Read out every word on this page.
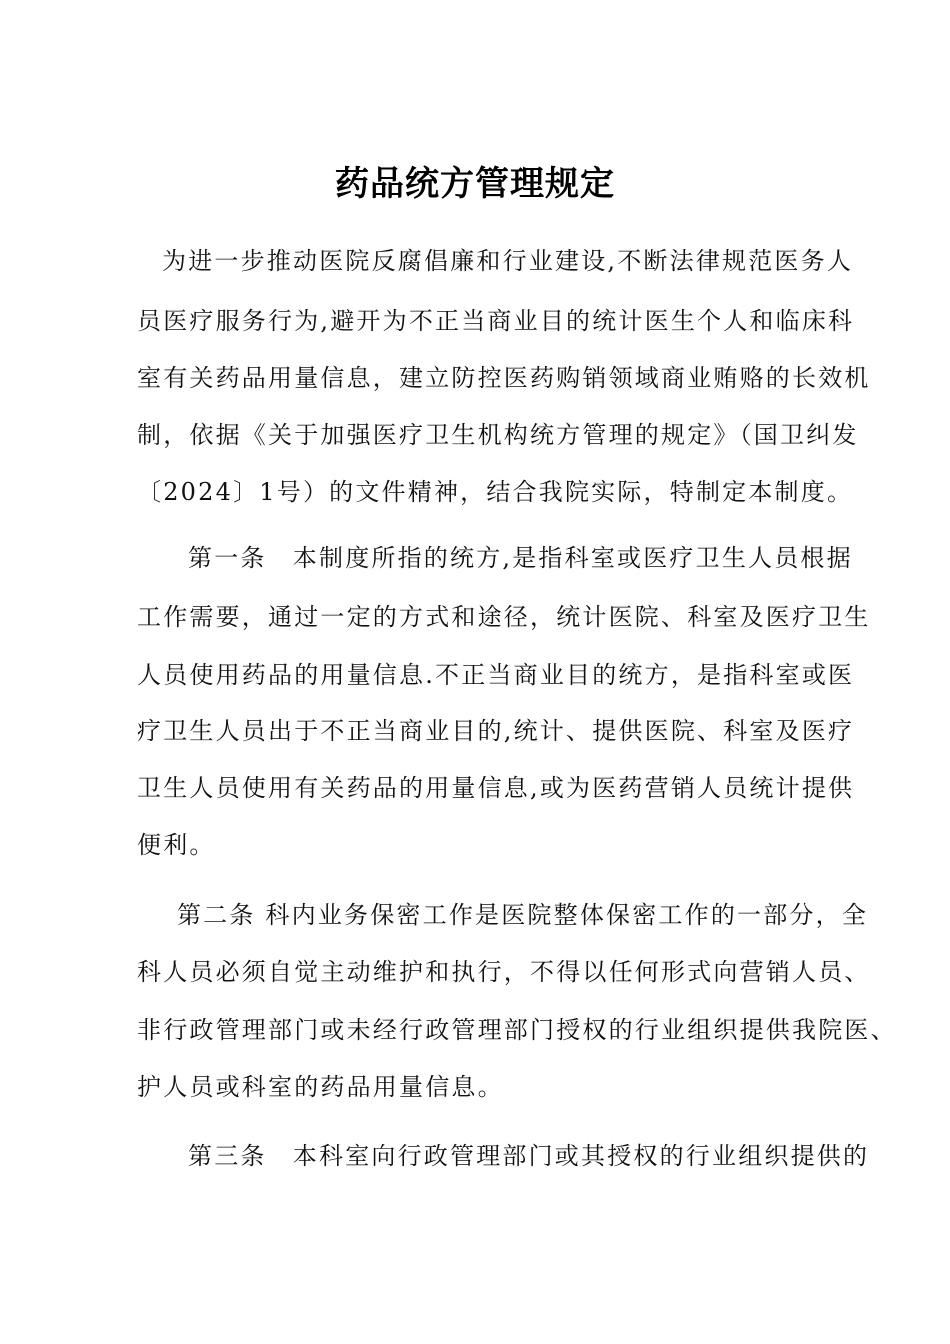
药品统方管理规定
为进一步推动医院反腐倡廉和行业建设,不断法律规范医务人
员医疗服务行为,避开为不正当商业目的统计医生个人和临床科
室有关药品用量信息，建立防控医药购销领域商业贿赂的长效机
制，依据《关于加强医疗卫生机构统方管理的规定》（国卫纠发
〔2024〕1号）的文件精神，结合我院实际，特制定本制度。
第一条　本制度所指的统方,是指科室或医疗卫生人员根据
工作需要，通过一定的方式和途径，统计医院、科室及医疗卫生
人员使用药品的用量信息.不正当商业目的统方，是指科室或医
疗卫生人员出于不正当商业目的,统计、提供医院、科室及医疗
卫生人员使用有关药品的用量信息,或为医药营销人员统计提供
便利。
第二条 科内业务保密工作是医院整体保密工作的一部分，全
科人员必须自觉主动维护和执行，不得以任何形式向营销人员、
非行政管理部门或未经行政管理部门授权的行业组织提供我院医、
护人员或科室的药品用量信息。
第三条　本科室向行政管理部门或其授权的行业组织提供的
